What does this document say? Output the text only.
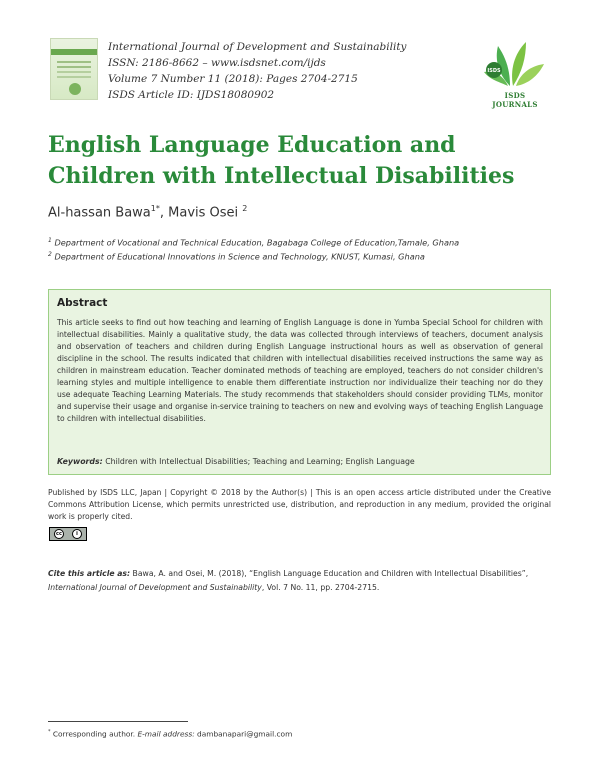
International Journal of Development and Sustainability
ISSN: 2186-8662 – www.isdsnet.com/ijds
Volume 7 Number 11 (2018): Pages 2704-2715
ISDS Article ID: IJDS18080902
ISDS
ISDS JOURNALS
English Language Education and Children with Intellectual Disabilities
Al-hassan Bawa$^{1*}$, Mavis Osei $^2$
$^1$ Department of Vocational and Technical Education, Bagabaga College of Education,Tamale, Ghana
$^2$ Department of Educational Innovations in Science and Technology, KNUST, Kumasi, Ghana
Abstract

This article seeks to find out how teaching and learning of English Language is done in Yumba Special School for children with intellectual disabilities. Mainly a qualitative study, the data was collected through interviews of teachers, document analysis and observation of teachers and children during English Language instructional hours as well as observation of general discipline in the school. The results indicated that children with intellectual disabilities received instructions the same way as children in mainstream education. Teacher dominated methods of teaching are employed, teachers do not consider children's learning styles and multiple intelligence to enable them differentiate instruction nor individualize their teaching nor do they use adequate Teaching Learning Materials. The study recommends that stakeholders should consider providing TLMs, monitor and supervise their usage and organise in-service training to teachers on new and evolving ways of teaching English Language to children with intellectual disabilities.

Keywords: Children with Intellectual Disabilities; Teaching and Learning; English Language

Published by ISDS LLC, Japan | Copyright © 2018 by the Author(s) | This is an open access article distributed under the Creative Commons Attribution License, which permits unrestricted use, distribution, and reproduction in any medium, provided the original work is properly cited.

cc	i

Cite this article as: Bawa, A. and Osei, M. (2018), “English Language Education and Children with Intellectual Disabilities”, International Journal of Development and Sustainability, Vol. 7 No. 11, pp. 2704-2715.

* Corresponding author. E-mail address: dambanapari@gmail.com
